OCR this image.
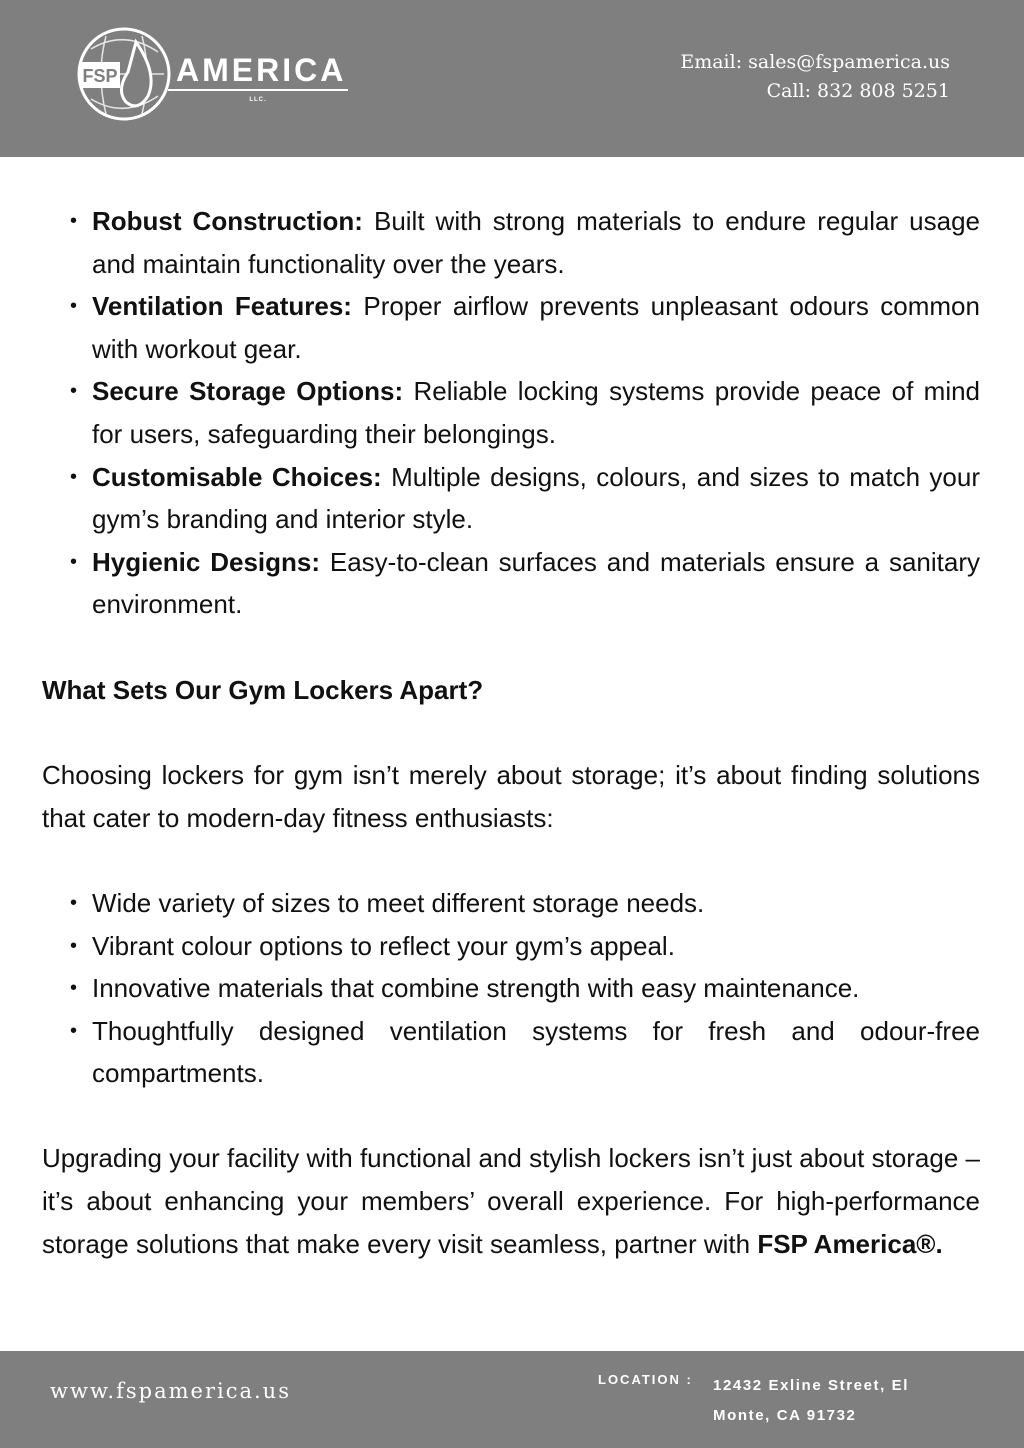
FSP AMERICA
LLC.
Email: sales@fspamerica.us
Call: 832 808 5251
• Robust Construction: Built with strong materials to endure regular usage and maintain functionality over the years.
• Ventilation Features: Proper airflow prevents unpleasant odours common with workout gear.
• Secure Storage Options: Reliable locking systems provide peace of mind for users, safeguarding their belongings.
• Customisable Choices: Multiple designs, colours, and sizes to match your gym’s branding and interior style.
• Hygienic Designs: Easy-to-clean surfaces and materials ensure a sanitary environment.

What Sets Our Gym Lockers Apart?

Choosing lockers for gym isn’t merely about storage; it’s about finding solutions that cater to modern-day fitness enthusiasts:

• Wide variety of sizes to meet different storage needs.
• Vibrant colour options to reflect your gym’s appeal.
• Innovative materials that combine strength with easy maintenance.
• Thoughtfully designed ventilation systems for fresh and odour-free compartments.

Upgrading your facility with functional and stylish lockers isn’t just about storage – it’s about enhancing your members’ overall experience. For high-performance storage solutions that make every visit seamless, partner with FSP America®.

www.fspamerica.us	LOCATION : 12432 Exline Street, El Monte, CA 91732
